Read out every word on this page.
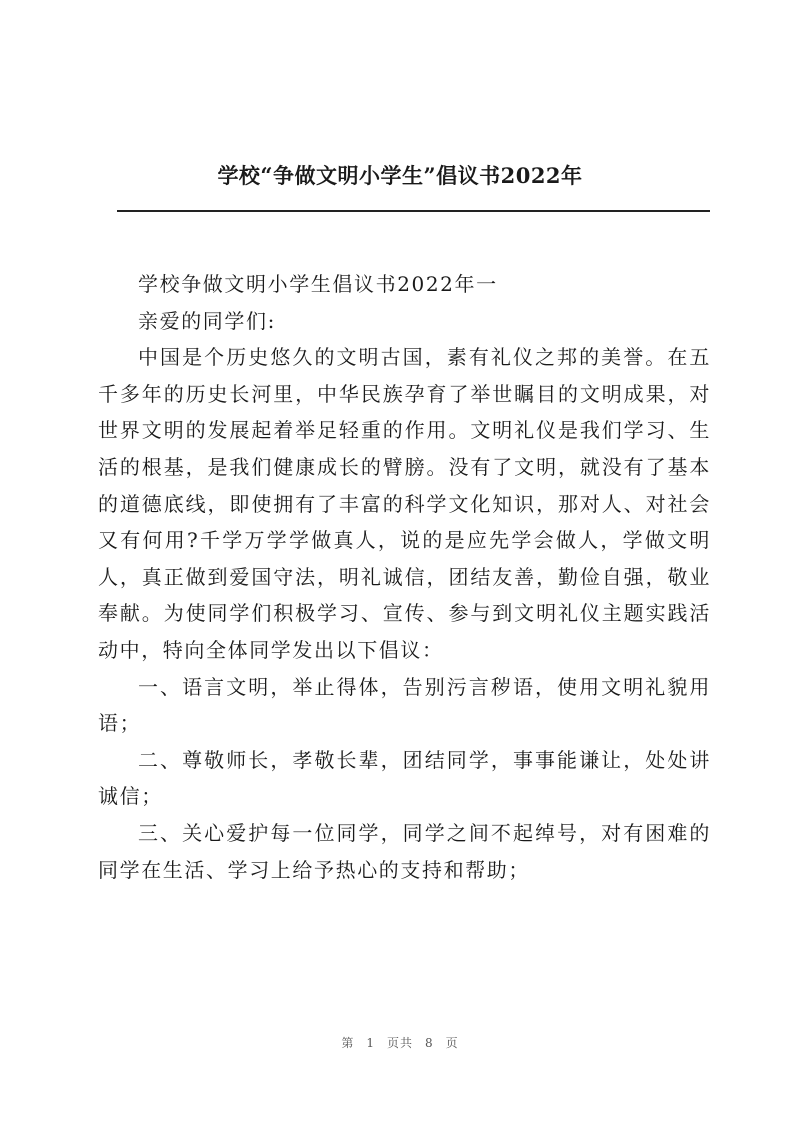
学校“争做文明小学生”倡议书2022年

学校争做文明小学生倡议书2022年一

亲爱的同学们:

中国是个历史悠久的文明古国，素有礼仪之邦的美誉。在五千多年的历史长河里，中华民族孕育了举世瞩目的文明成果，对世界文明的发展起着举足轻重的作用。文明礼仪是我们学习、生活的根基，是我们健康成长的臂膀。没有了文明，就没有了基本的道德底线，即使拥有了丰富的科学文化知识，那对人、对社会又有何用?千学万学学做真人，说的是应先学会做人，学做文明人，真正做到爱国守法，明礼诚信，团结友善，勤俭自强，敬业奉献。为使同学们积极学习、宣传、参与到文明礼仪主题实践活动中，特向全体同学发出以下倡议：

一、语言文明，举止得体，告别污言秽语，使用文明礼貌用语；

二、尊敬师长，孝敬长辈，团结同学，事事能谦让，处处讲诚信；

三、关心爱护每一位同学，同学之间不起绰号，对有困难的同学在生活、学习上给予热心的支持和帮助；

第 1 页共 8 页
